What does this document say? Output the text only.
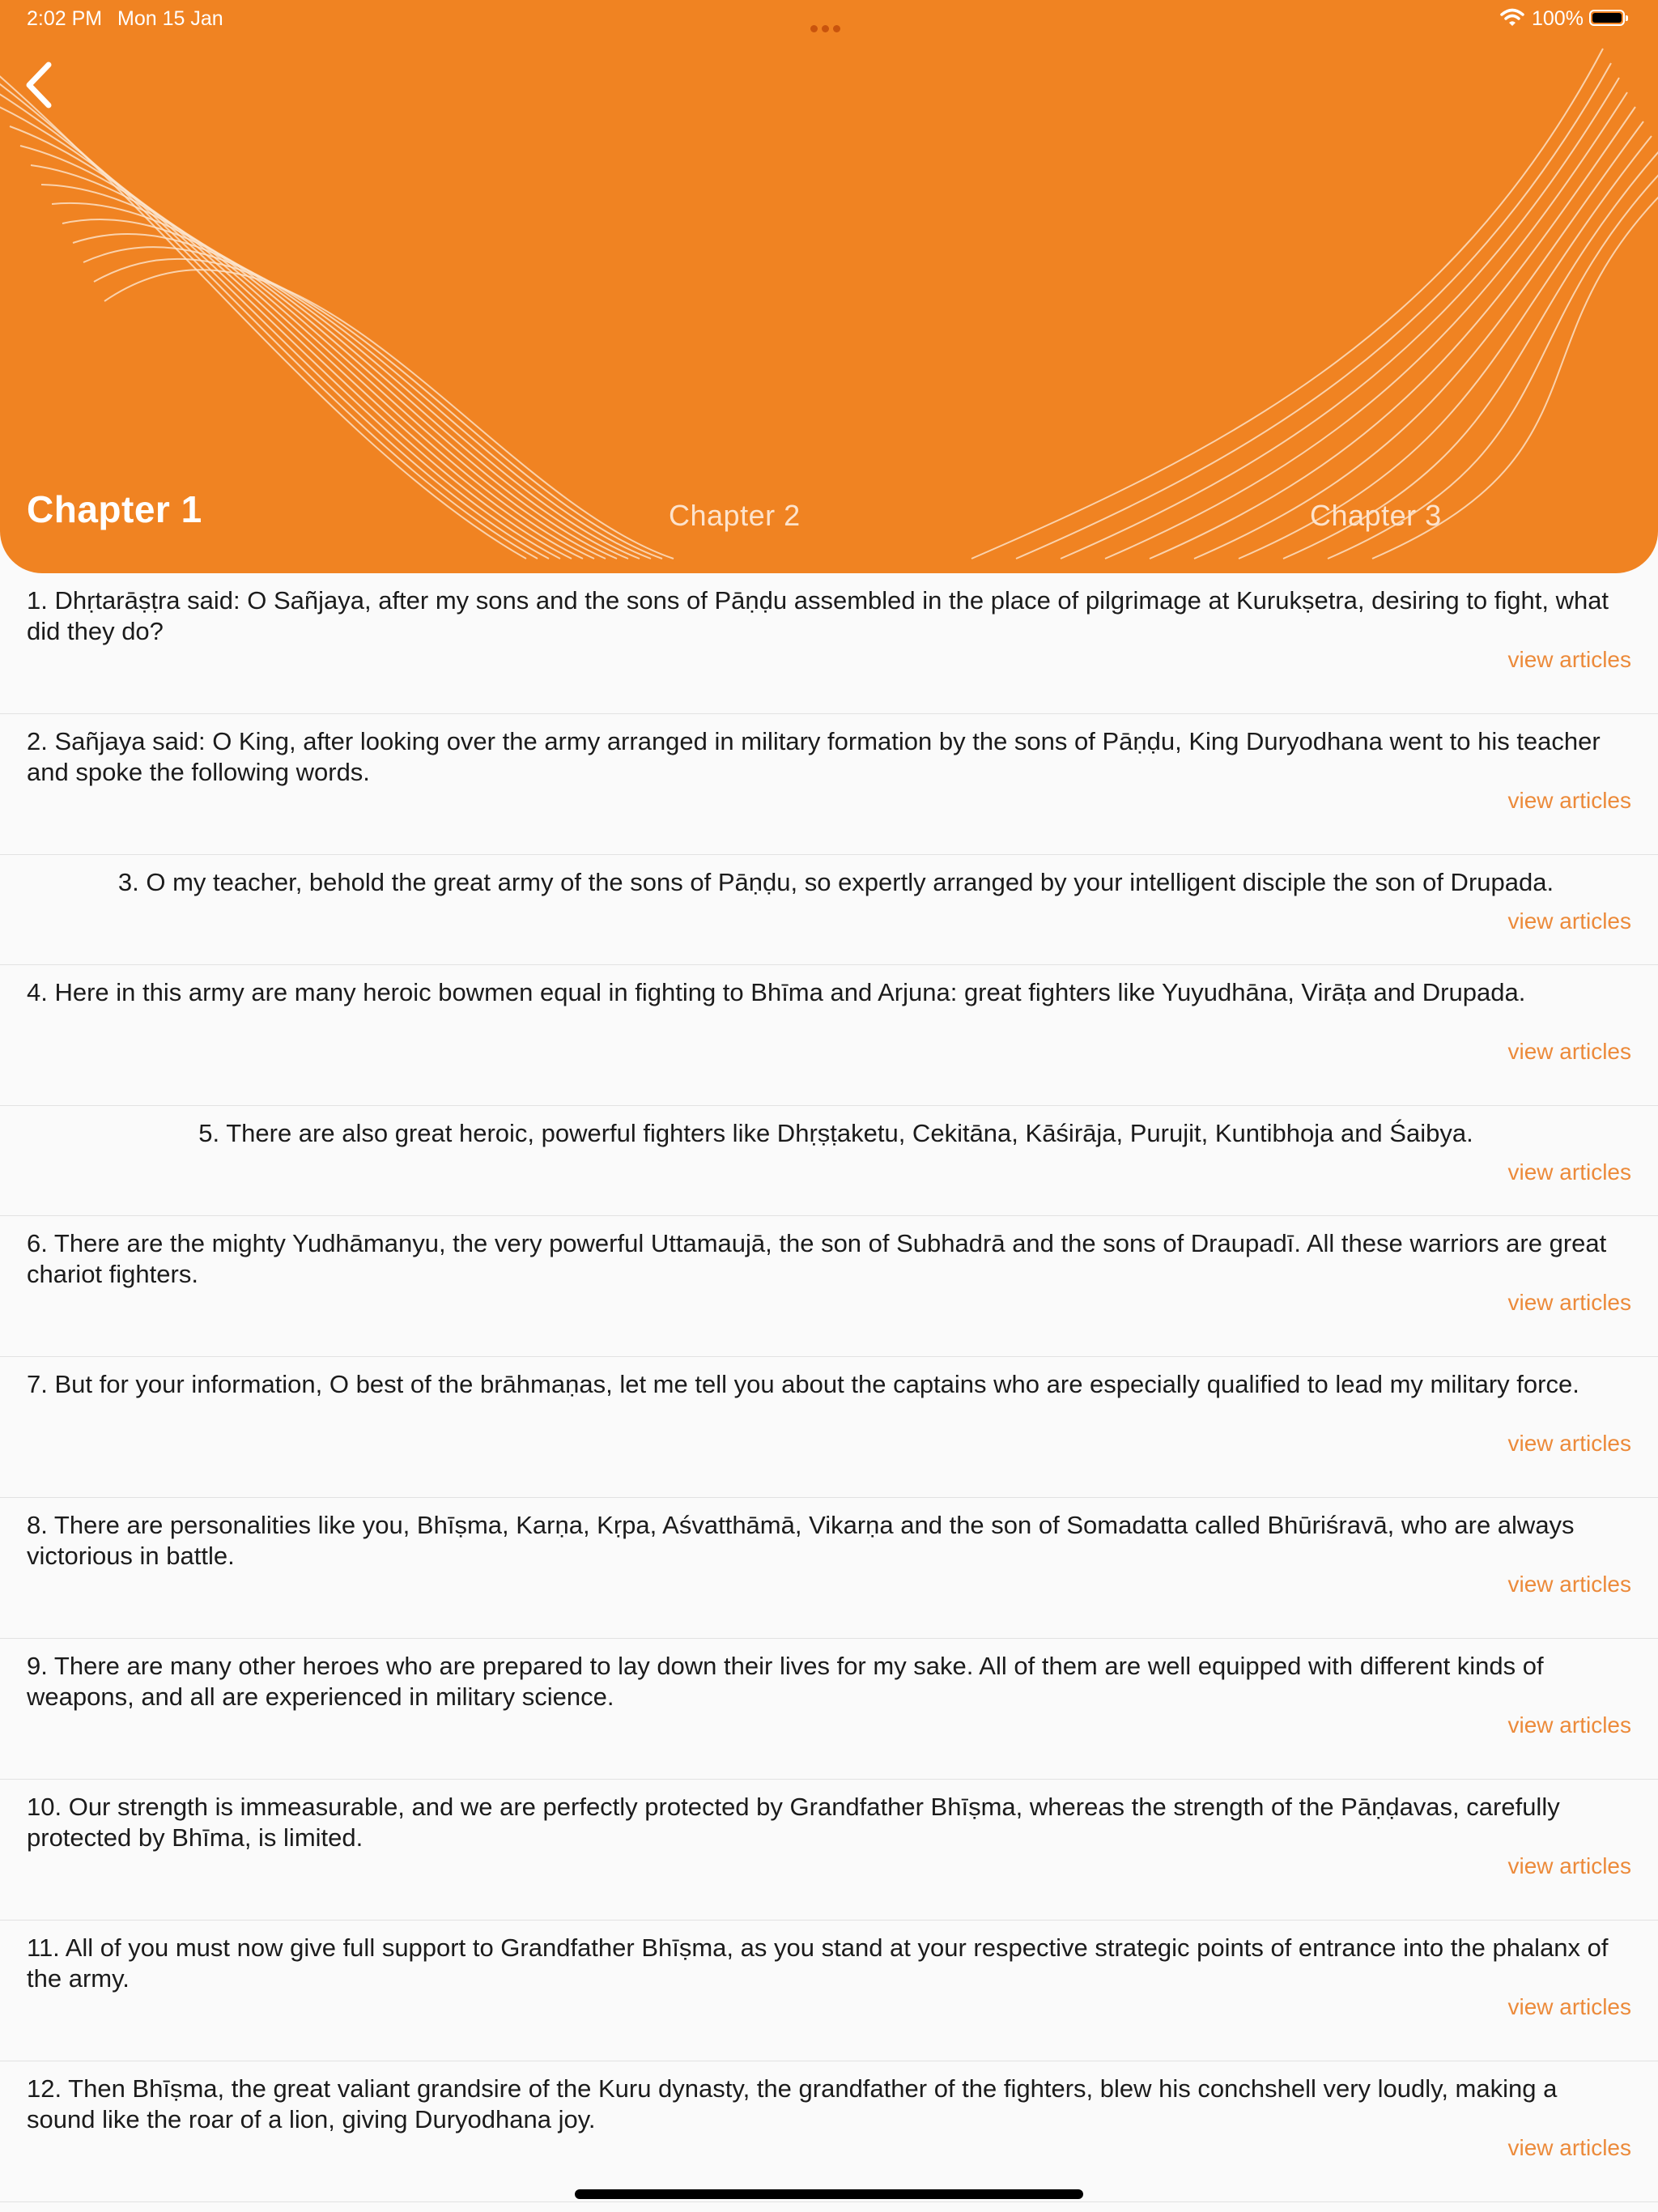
2:02 PM Mon 15 Jan	100%
Chapter 1	Chapter 2	Chapter 3

1. Dhṛtarāṣṭra said: O Sañjaya, after my sons and the sons of Pāṇḍu assembled in the place of pilgrimage at Kurukṣetra, desiring to fight, what did they do?

view articles

2. Sañjaya said: O King, after looking over the army arranged in military formation by the sons of Pāṇḍu, King Duryodhana went to his teacher and spoke the following words.

view articles

3. O my teacher, behold the great army of the sons of Pāṇḍu, so expertly arranged by your intelligent disciple the son of Drupada.

view articles

4. Here in this army are many heroic bowmen equal in fighting to Bhīma and Arjuna: great fighters like Yuyudhāna, Virāṭa and Drupada.

view articles

5. There are also great heroic, powerful fighters like Dhṛṣṭaketu, Cekitāna, Kāśirāja, Purujit, Kuntibhoja and Śaibya.

view articles

6. There are the mighty Yudhāmanyu, the very powerful Uttamaujā, the son of Subhadrā and the sons of Draupadī. All these warriors are great chariot fighters.

view articles

7. But for your information, O best of the brāhmaṇas, let me tell you about the captains who are especially qualified to lead my military force.

view articles

8. There are personalities like you, Bhīṣma, Karṇa, Kṛpa, Aśvatthāmā, Vikarṇa and the son of Somadatta called Bhūriśravā, who are always victorious in battle.

view articles

9. There are many other heroes who are prepared to lay down their lives for my sake. All of them are well equipped with different kinds of weapons, and all are experienced in military science.

view articles

10. Our strength is immeasurable, and we are perfectly protected by Grandfather Bhīṣma, whereas the strength of the Pāṇḍavas, carefully protected by Bhīma, is limited.

view articles

11. All of you must now give full support to Grandfather Bhīṣma, as you stand at your respective strategic points of entrance into the phalanx of the army.

view articles

12. Then Bhīṣma, the great valiant grandsire of the Kuru dynasty, the grandfather of the fighters, blew his conchshell very loudly, making a sound like the roar of a lion, giving Duryodhana joy.

view articles
